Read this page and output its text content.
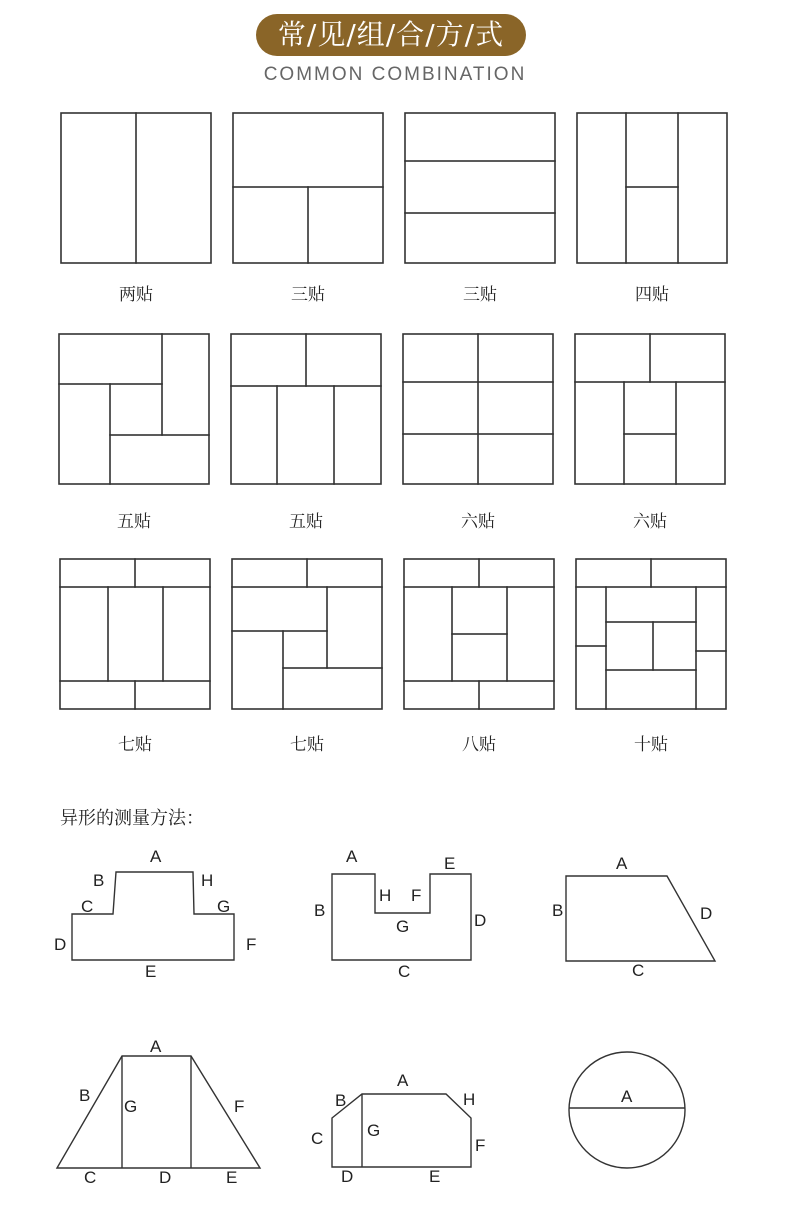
常/见/组/合/方/式
COMMON COMBINATION
两贴	三贴	三贴	四贴
五贴	五贴	六贴	六贴
七贴	七贴	八贴	十贴
异形的测量方法：
A
B	H
C	G
D	F
E
A	E
H F
B
G	D
C
A
B	D
C
A
B
G	F
C	D	E
A
B	H
C	G
F
D	E
A
